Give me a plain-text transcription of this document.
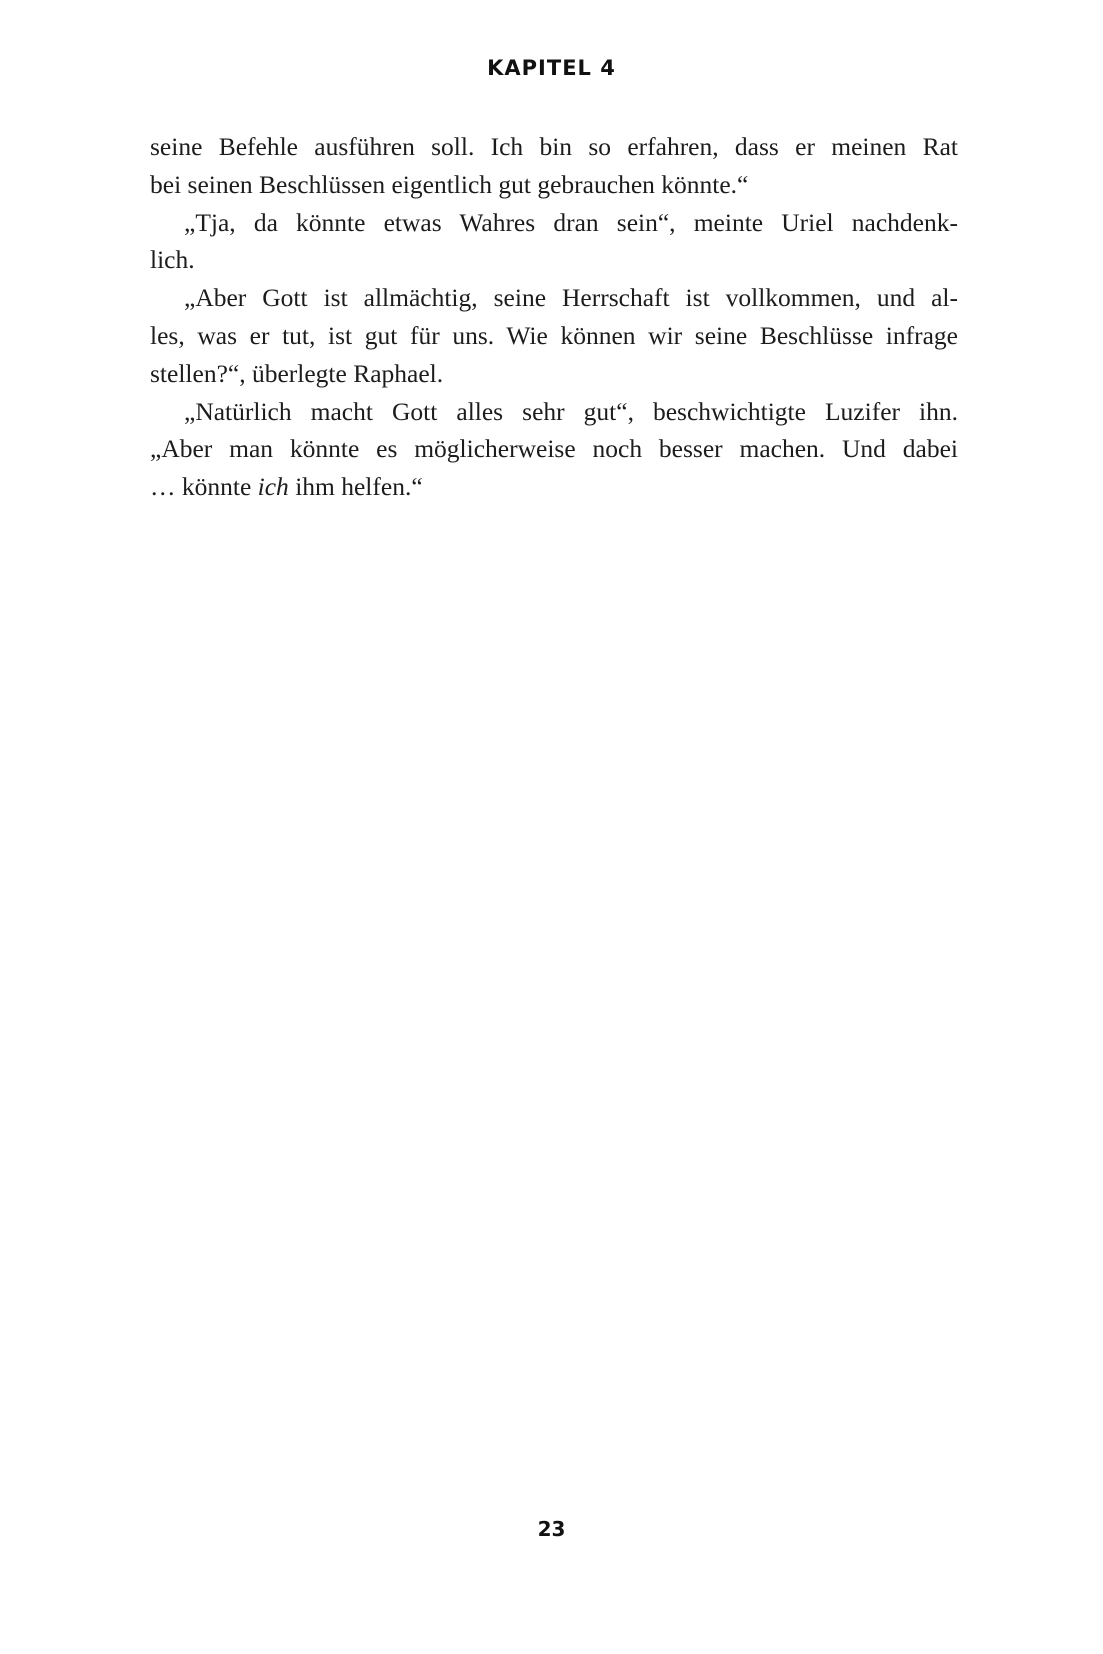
KAPITEL 4
seine Befehle ausführen soll. Ich bin so erfahren, dass er meinen Rat
bei seinen Beschlüssen eigentlich gut gebrauchen könnte.“
„Tja, da könnte etwas Wahres dran sein“, meinte Uriel nachdenk-
lich.
„Aber Gott ist allmächtig, seine Herrschaft ist vollkommen, und al-
les, was er tut, ist gut für uns. Wie können wir seine Beschlüsse infrage
stellen?“, überlegte Raphael.
„Natürlich macht Gott alles sehr gut“, beschwichtigte Luzifer ihn.
„Aber man könnte es möglicherweise noch besser machen. Und dabei
… könnte ich ihm helfen.“
23
